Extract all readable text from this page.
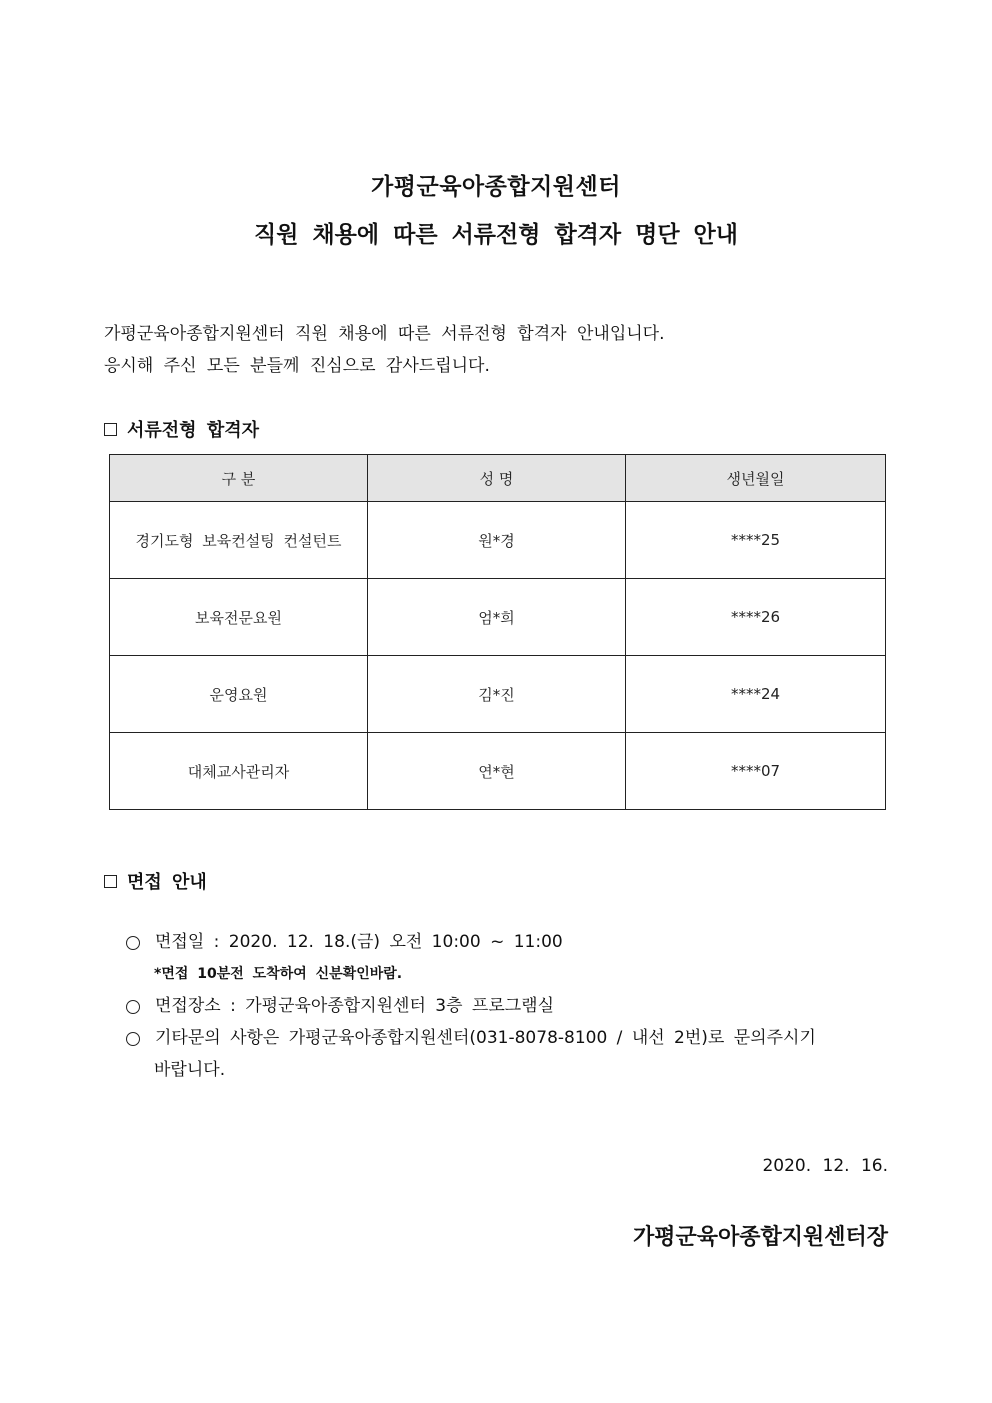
가평군육아종합지원센터
직원 채용에 따른 서류전형 합격자 명단 안내
가평군육아종합지원센터 직원 채용에 따른 서류전형 합격자 안내입니다.
응시해 주신 모든 분들께 진심으로 감사드립니다.
서류전형 합격자
구 분	성 명	생년월일
경기도형 보육컨설팅 컨설턴트	원*경	****25
보육전문요원	엄*희	****26
운영요원	김*진	****24
대체교사관리자	연*현	****07
면접 안내
면접일 : 2020. 12. 18.(금) 오전 10:00 ~ 11:00
*면접 10분전 도착하여 신분확인바람.
면접장소 : 가평군육아종합지원센터 3층 프로그램실
기타문의 사항은 가평군육아종합지원센터(031-8078-8100 / 내선 2번)로 문의주시기
바랍니다.
2020. 12. 16.
가평군육아종합지원센터장
